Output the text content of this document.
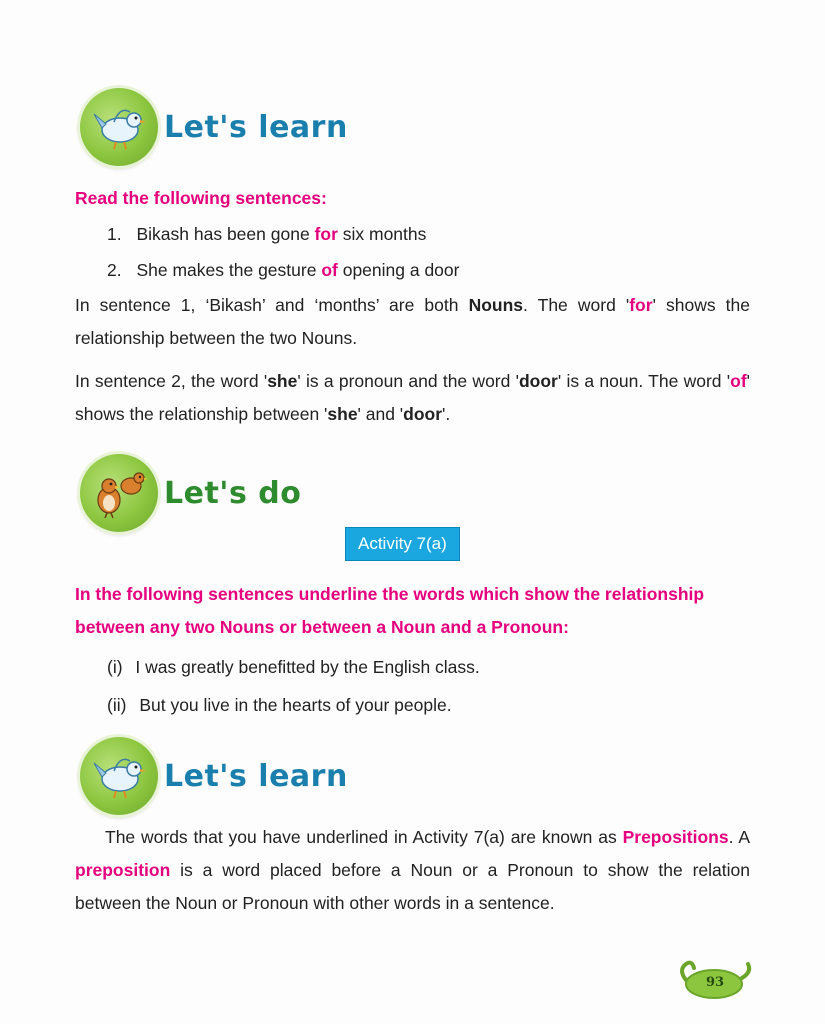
Let's learn
Read the following sentences:
1. Bikash has been gone for six months
2. She makes the gesture of opening a door
In sentence 1, ‘Bikash’ and ‘months’ are both Nouns. The word 'for' shows the relationship between the two Nouns.
In sentence 2, the word 'she' is a pronoun and the word 'door' is a noun. The word 'of' shows the relationship between 'she' and 'door'.
Let's do
Activity 7(a)
In the following sentences underline the words which show the relationship between any two Nouns or between a Noun and a Pronoun:
(i) I was greatly benefitted by the English class.
(ii) But you live in the hearts of your people.
Let's learn
The words that you have underlined in Activity 7(a) are known as Prepositions. A preposition is a word placed before a Noun or a Pronoun to show the relation between the Noun or Pronoun with other words in a sentence.
93
